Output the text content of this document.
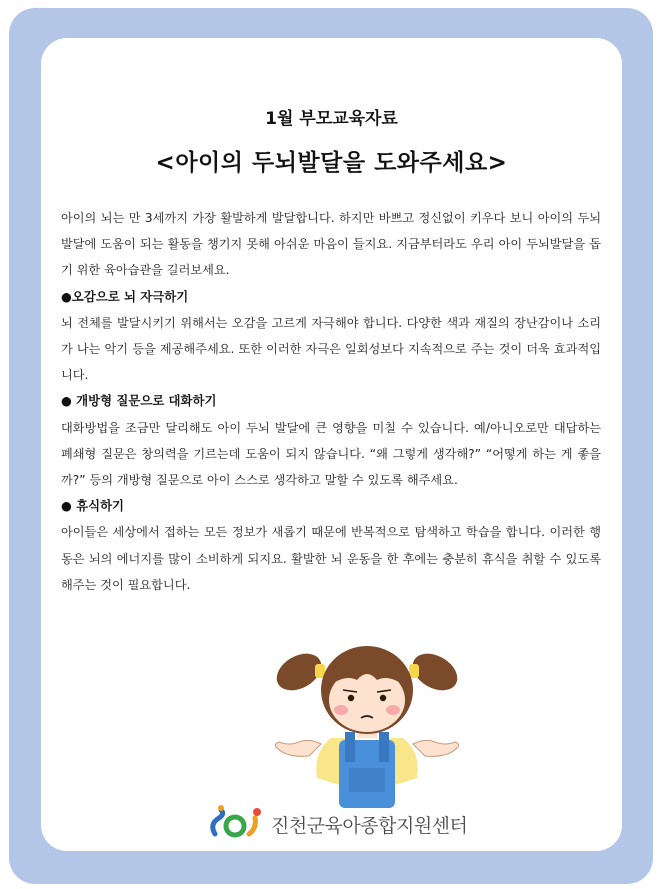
1월 부모교육자료
<아이의 두뇌발달을 도와주세요>

아이의 뇌는 만 3세까지 가장 활발하게 발달합니다. 하지만 바쁘고 정신없이 키우다 보니 아이의 두뇌발달에 도움이 되는 활동을 챙기지 못해 아쉬운 마음이 들지요. 지금부터라도 우리 아이 두뇌발달을 돕기 위한 육아습관을 길러보세요.

●오감으로 뇌 자극하기

뇌 전체를 발달시키기 위해서는 오감을 고르게 자극해야 합니다. 다양한 색과 재질의 장난감이나 소리가 나는 악기 등을 제공해주세요. 또한 이러한 자극은 일회성보다 지속적으로 주는 것이 더욱 효과적입니다.

● 개방형 질문으로 대화하기

대화방법을 조금만 달리해도 아이 두뇌 발달에 큰 영향을 미칠 수 있습니다. 예/아니오로만 대답하는 폐쇄형 질문은 창의력을 기르는데 도움이 되지 않습니다. “왜 그렇게 생각해?” “어떻게 하는 게 좋을까?” 등의 개방형 질문으로 아이 스스로 생각하고 말할 수 있도록 해주세요.

● 휴식하기

아이들은 세상에서 접하는 모든 정보가 새롭기 때문에 반복적으로 탐색하고 학습을 합니다. 이러한 행동은 뇌의 에너지를 많이 소비하게 되지요. 활발한 뇌 운동을 한 후에는 충분히 휴식을 취할 수 있도록 해주는 것이 필요합니다.

진천군육아종합지원센터
